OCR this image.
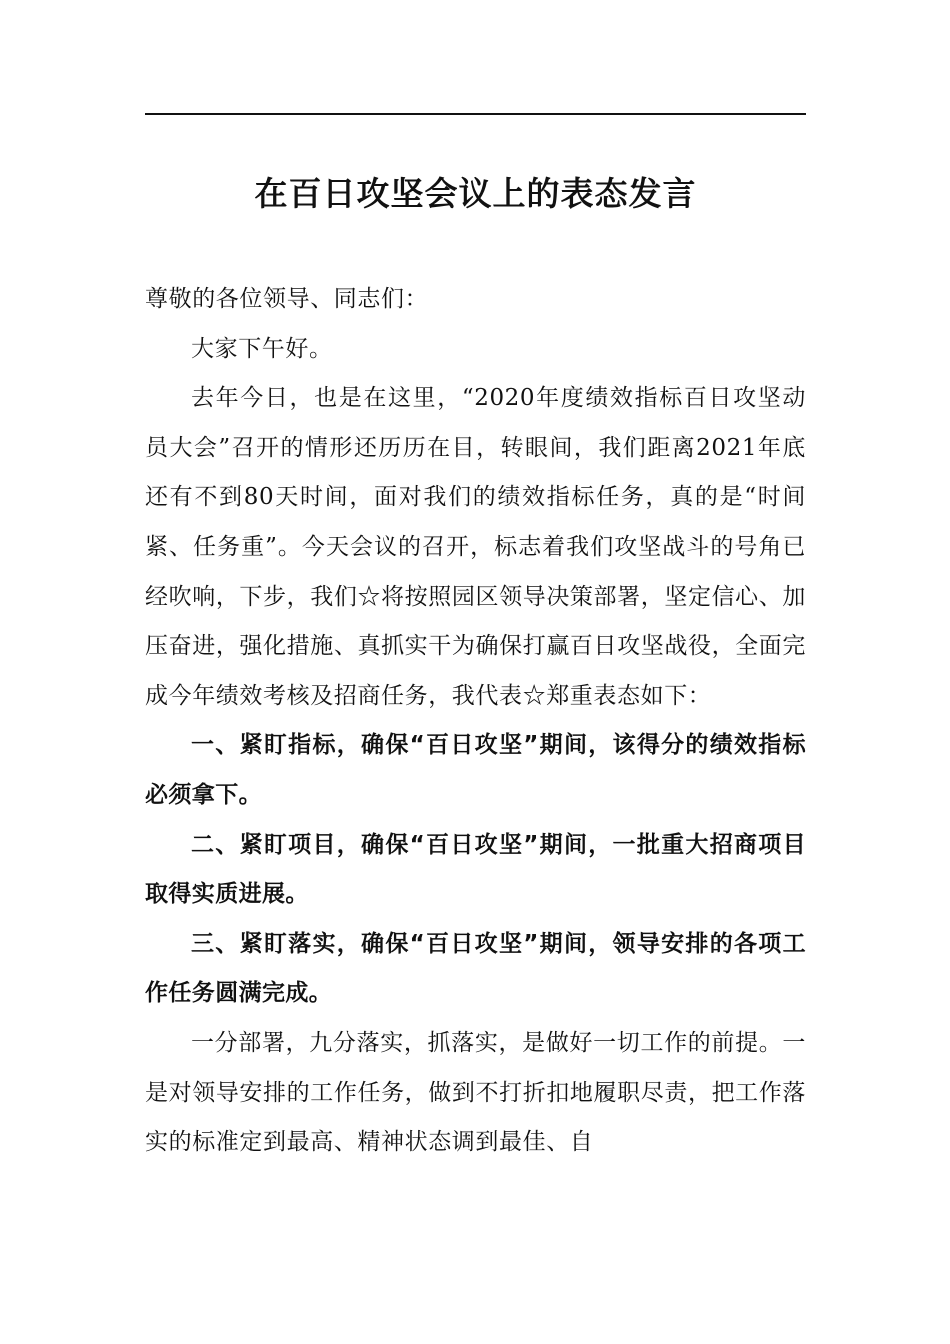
在百日攻坚会议上的表态发言

尊敬的各位领导、同志们：

大家下午好。

去年今日，也是在这里，“2020年度绩效指标百日攻坚动员大会”召开的情形还历历在目，转眼间，我们距离2021年底还有不到80天时间，面对我们的绩效指标任务，真的是“时间紧、任务重”。今天会议的召开，标志着我们攻坚战斗的号角已经吹响，下步，我们☆将按照园区领导决策部署，坚定信心、加压奋进，强化措施、真抓实干为确保打赢百日攻坚战役，全面完成今年绩效考核及招商任务，我代表☆郑重表态如下：

一、紧盯指标，确保“百日攻坚”期间，该得分的绩效指标必须拿下。

二、紧盯项目，确保“百日攻坚”期间，一批重大招商项目取得实质进展。

三、紧盯落实，确保“百日攻坚”期间，领导安排的各项工作任务圆满完成。

一分部署，九分落实，抓落实，是做好一切工作的前提。一是对领导安排的工作任务，做到不打折扣地履职尽责，把工作落实的标准定到最高、精神状态调到最佳、自
